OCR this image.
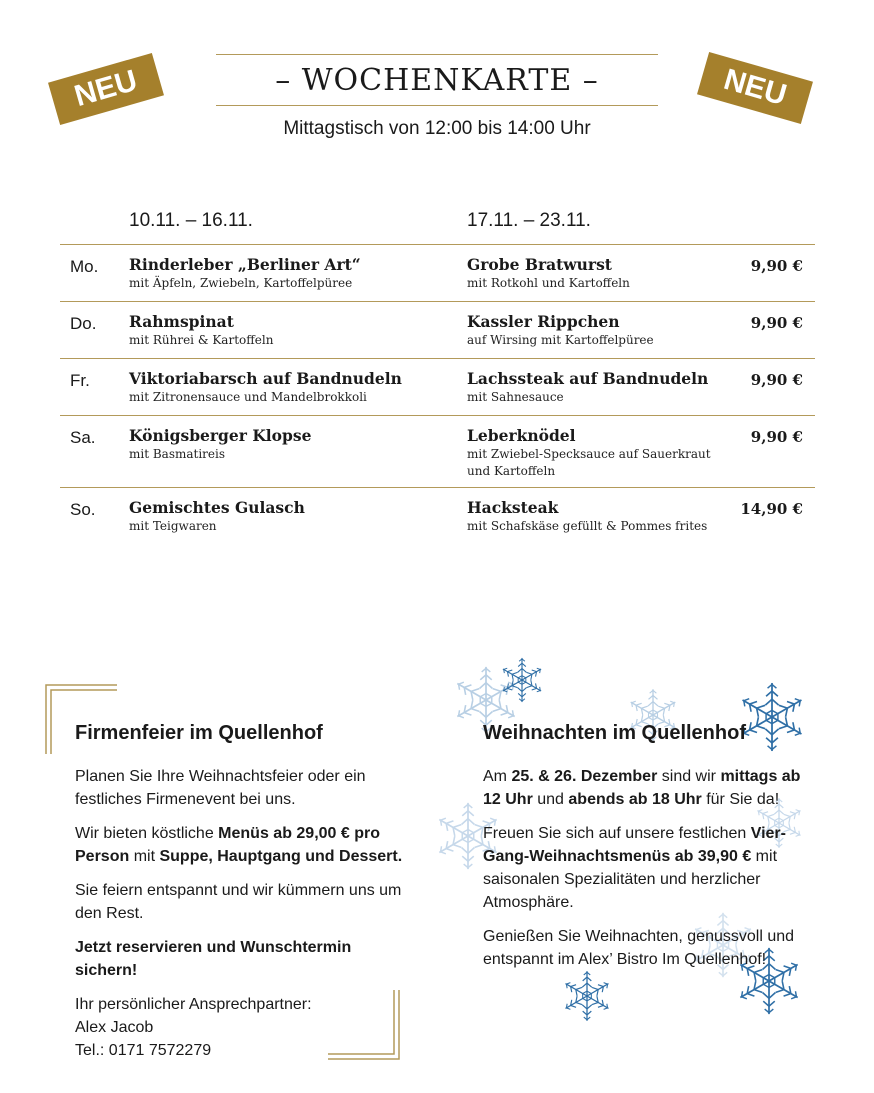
NEU	NEU
– WOCHENKARTE –
Mittagstisch von 12:00 bis 14:00 Uhr
10.11. – 16.11.	17.11. – 23.11.
Mo. Rinderleber „Berliner Art“
mit Äpfeln, Zwiebeln, Kartoffelpüree
Grobe Bratwurst
mit Rotkohl und Kartoffeln
9,90 €
Do. Rahmspinat
mit Rührei & Kartoffeln
Kassler Rippchen
auf Wirsing mit Kartoffelpüree
9,90 €
Fr.	Viktoriabarsch auf Bandnudeln
mit Zitronensauce und Mandelbrokkoli
Lachssteak auf Bandnudeln
mit Sahnesauce
9,90 €
Sa. Königsberger Klopse
mit Basmatireis
Leberknödel
mit Zwiebel-Specksauce auf Sauerkraut und Kartoffeln
9,90 €
So. Gemischtes Gulasch
mit Teigwaren
Hacksteak
mit Schafskäse gefüllt & Pommes frites
14,90 €
Firmenfeier im Quellenhof

Planen Sie Ihre Weihnachtsfeier oder ein festliches Firmenevent bei uns.

Wir bieten köstliche Menüs ab 29,00 € pro Person mit Suppe, Hauptgang und Dessert.

Sie feiern entspannt und wir kümmern uns um den Rest.

Jetzt reservieren und Wunschtermin sichern!

Ihr persönlicher Ansprechpartner:
Alex Jacob
Tel.: 0171 7572279
Weihnachten im Quellenhof

Am 25. & 26. Dezember sind wir mittags ab 12 Uhr und abends ab 18 Uhr für Sie da!

Freuen Sie sich auf unsere festlichen Vier-Gang-Weihnachtsmenüs ab 39,90 € mit saisonalen Spezialitäten und herzlicher Atmosphäre.

Genießen Sie Weihnachten, genussvoll und entspannt im Alex’ Bistro Im Quellenhof!
